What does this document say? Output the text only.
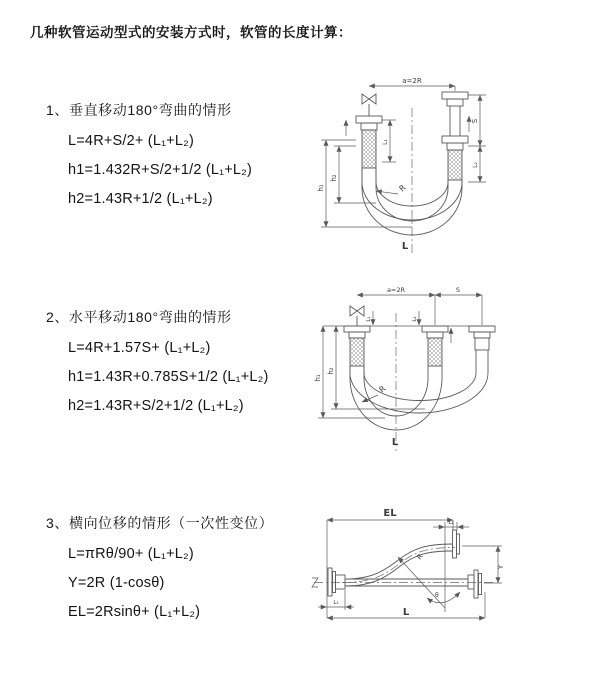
几种软管运动型式的安装方式时，软管的长度计算：
1、垂直移动180°弯曲的情形
L=4R+S/2+ (L₁+L₂)
h1=1.432R+S/2+1/2 (L₁+L₂)
h2=1.43R+1/2 (L₁+L₂)
a=2R
h₁
h₂
L₁
S
L₂
R
L
2、水平移动180°弯曲的情形
L=4R+1.57S+ (L₁+L₂)
h1=1.43R+0.785S+1/2 (L₁+L₂)
h2=1.43R+S/2+1/2 (L₁+L₂)
a=2R	S
h₁
h₂
L₁	L₂
R
L
3、横向位移的情形（一次性变位）
L=πRθ/90+ (L₁+L₂)
Y=2R (1-cosθ)
EL=2Rsinθ+ (L₁+L₂)
EL
L₂
Y
R
θ
L
L₁
